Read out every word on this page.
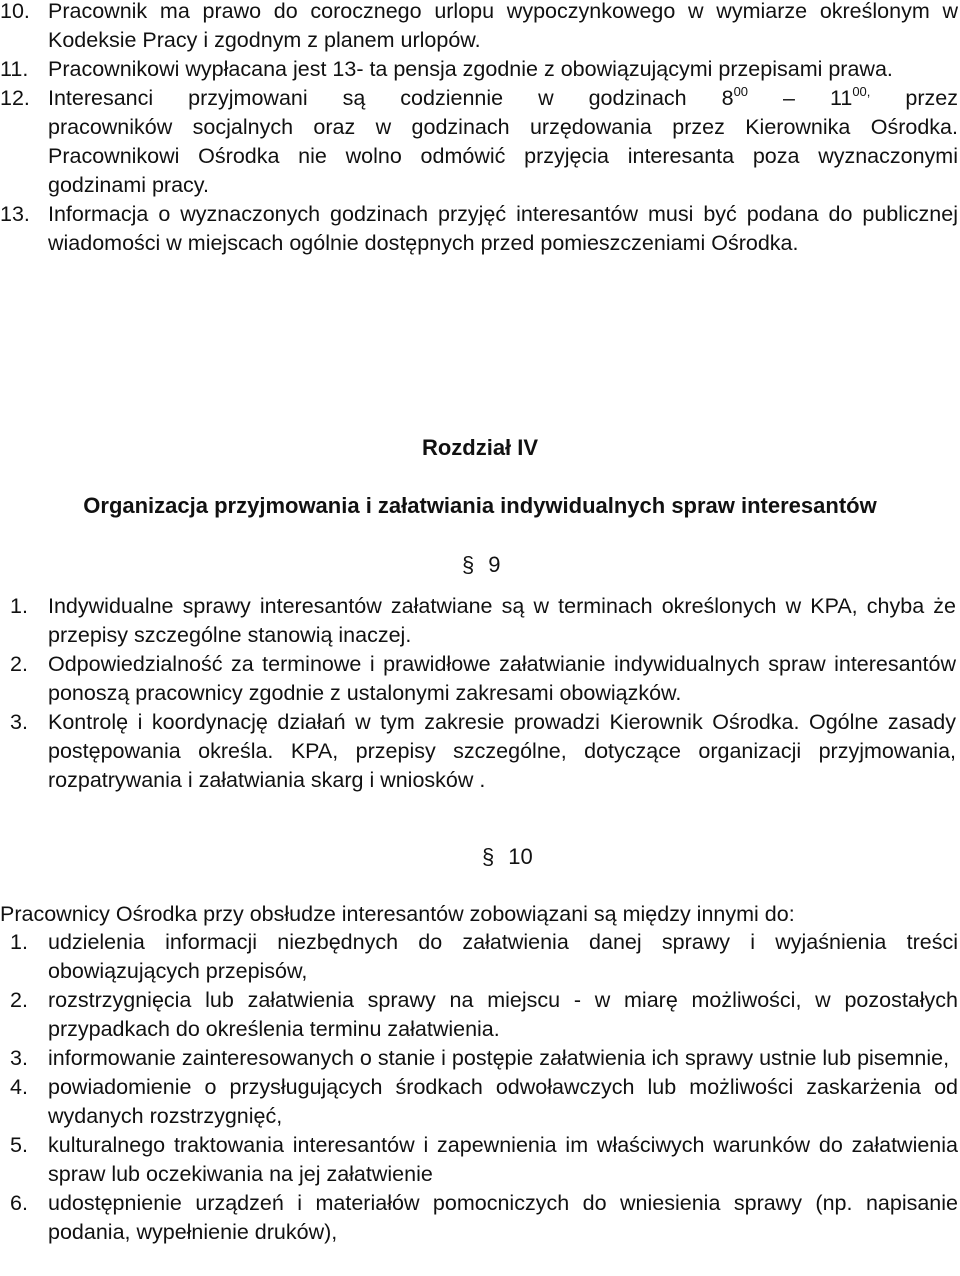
10. Pracownik ma prawo do corocznego urlopu wypoczynkowego w wymiarze określonym w Kodeksie Pracy i zgodnym z planem urlopów.
11. Pracownikowi wypłacana jest 13- ta pensja zgodnie z obowiązującymi przepisami prawa.
12. Interesanci przyjmowani są codziennie w godzinach $8^{00} - 11^{00,}$ przez
pracowników socjalnych oraz w godzinach urzędowania przez Kierownika Ośrodka. Pracownikowi Ośrodka nie wolno odmówić przyjęcia interesanta poza wyznaczonymi godzinami pracy.
13. Informacja o wyznaczonych godzinach przyjęć interesantów musi być podana do publicznej wiadomości w miejscach ogólnie dostępnych przed pomieszczeniami Ośrodka.
Rozdział IV
Organizacja przyjmowania i załatwiania indywidualnych spraw interesantów
§ 9
1. Indywidualne sprawy interesantów załatwiane są w terminach określonych w KPA, chyba że przepisy szczególne stanowią inaczej.
2. Odpowiedzialność za terminowe i prawidłowe załatwianie indywidualnych spraw interesantów ponoszą pracownicy zgodnie z ustalonymi zakresami obowiązków.
3. Kontrolę i koordynację działań w tym zakresie prowadzi Kierownik Ośrodka. Ogólne zasady postępowania określa. KPA, przepisy szczególne, dotyczące organizacji przyjmowania, rozpatrywania i załatwiania skarg i wniosków .
§ 10
Pracownicy Ośrodka przy obsłudze interesantów zobowiązani są między innymi do:
1. udzielenia informacji niezbędnych do załatwienia danej sprawy i wyjaśnienia treści obowiązujących przepisów,
2. rozstrzygnięcia lub załatwienia sprawy na miejscu - w miarę możliwości, w pozostałych przypadkach do określenia terminu załatwienia.
3. informowanie zainteresowanych o stanie i postępie załatwienia ich sprawy ustnie lub pisemnie,
4. powiadomienie o przysługujących środkach odwoławczych lub możliwości zaskarżenia od wydanych rozstrzygnięć,
5. kulturalnego traktowania interesantów i zapewnienia im właściwych warunków do załatwienia spraw lub oczekiwania na jej załatwienie
6. udostępnienie urządzeń i materiałów pomocniczych do wniesienia sprawy (np. napisanie podania, wypełnienie druków),
